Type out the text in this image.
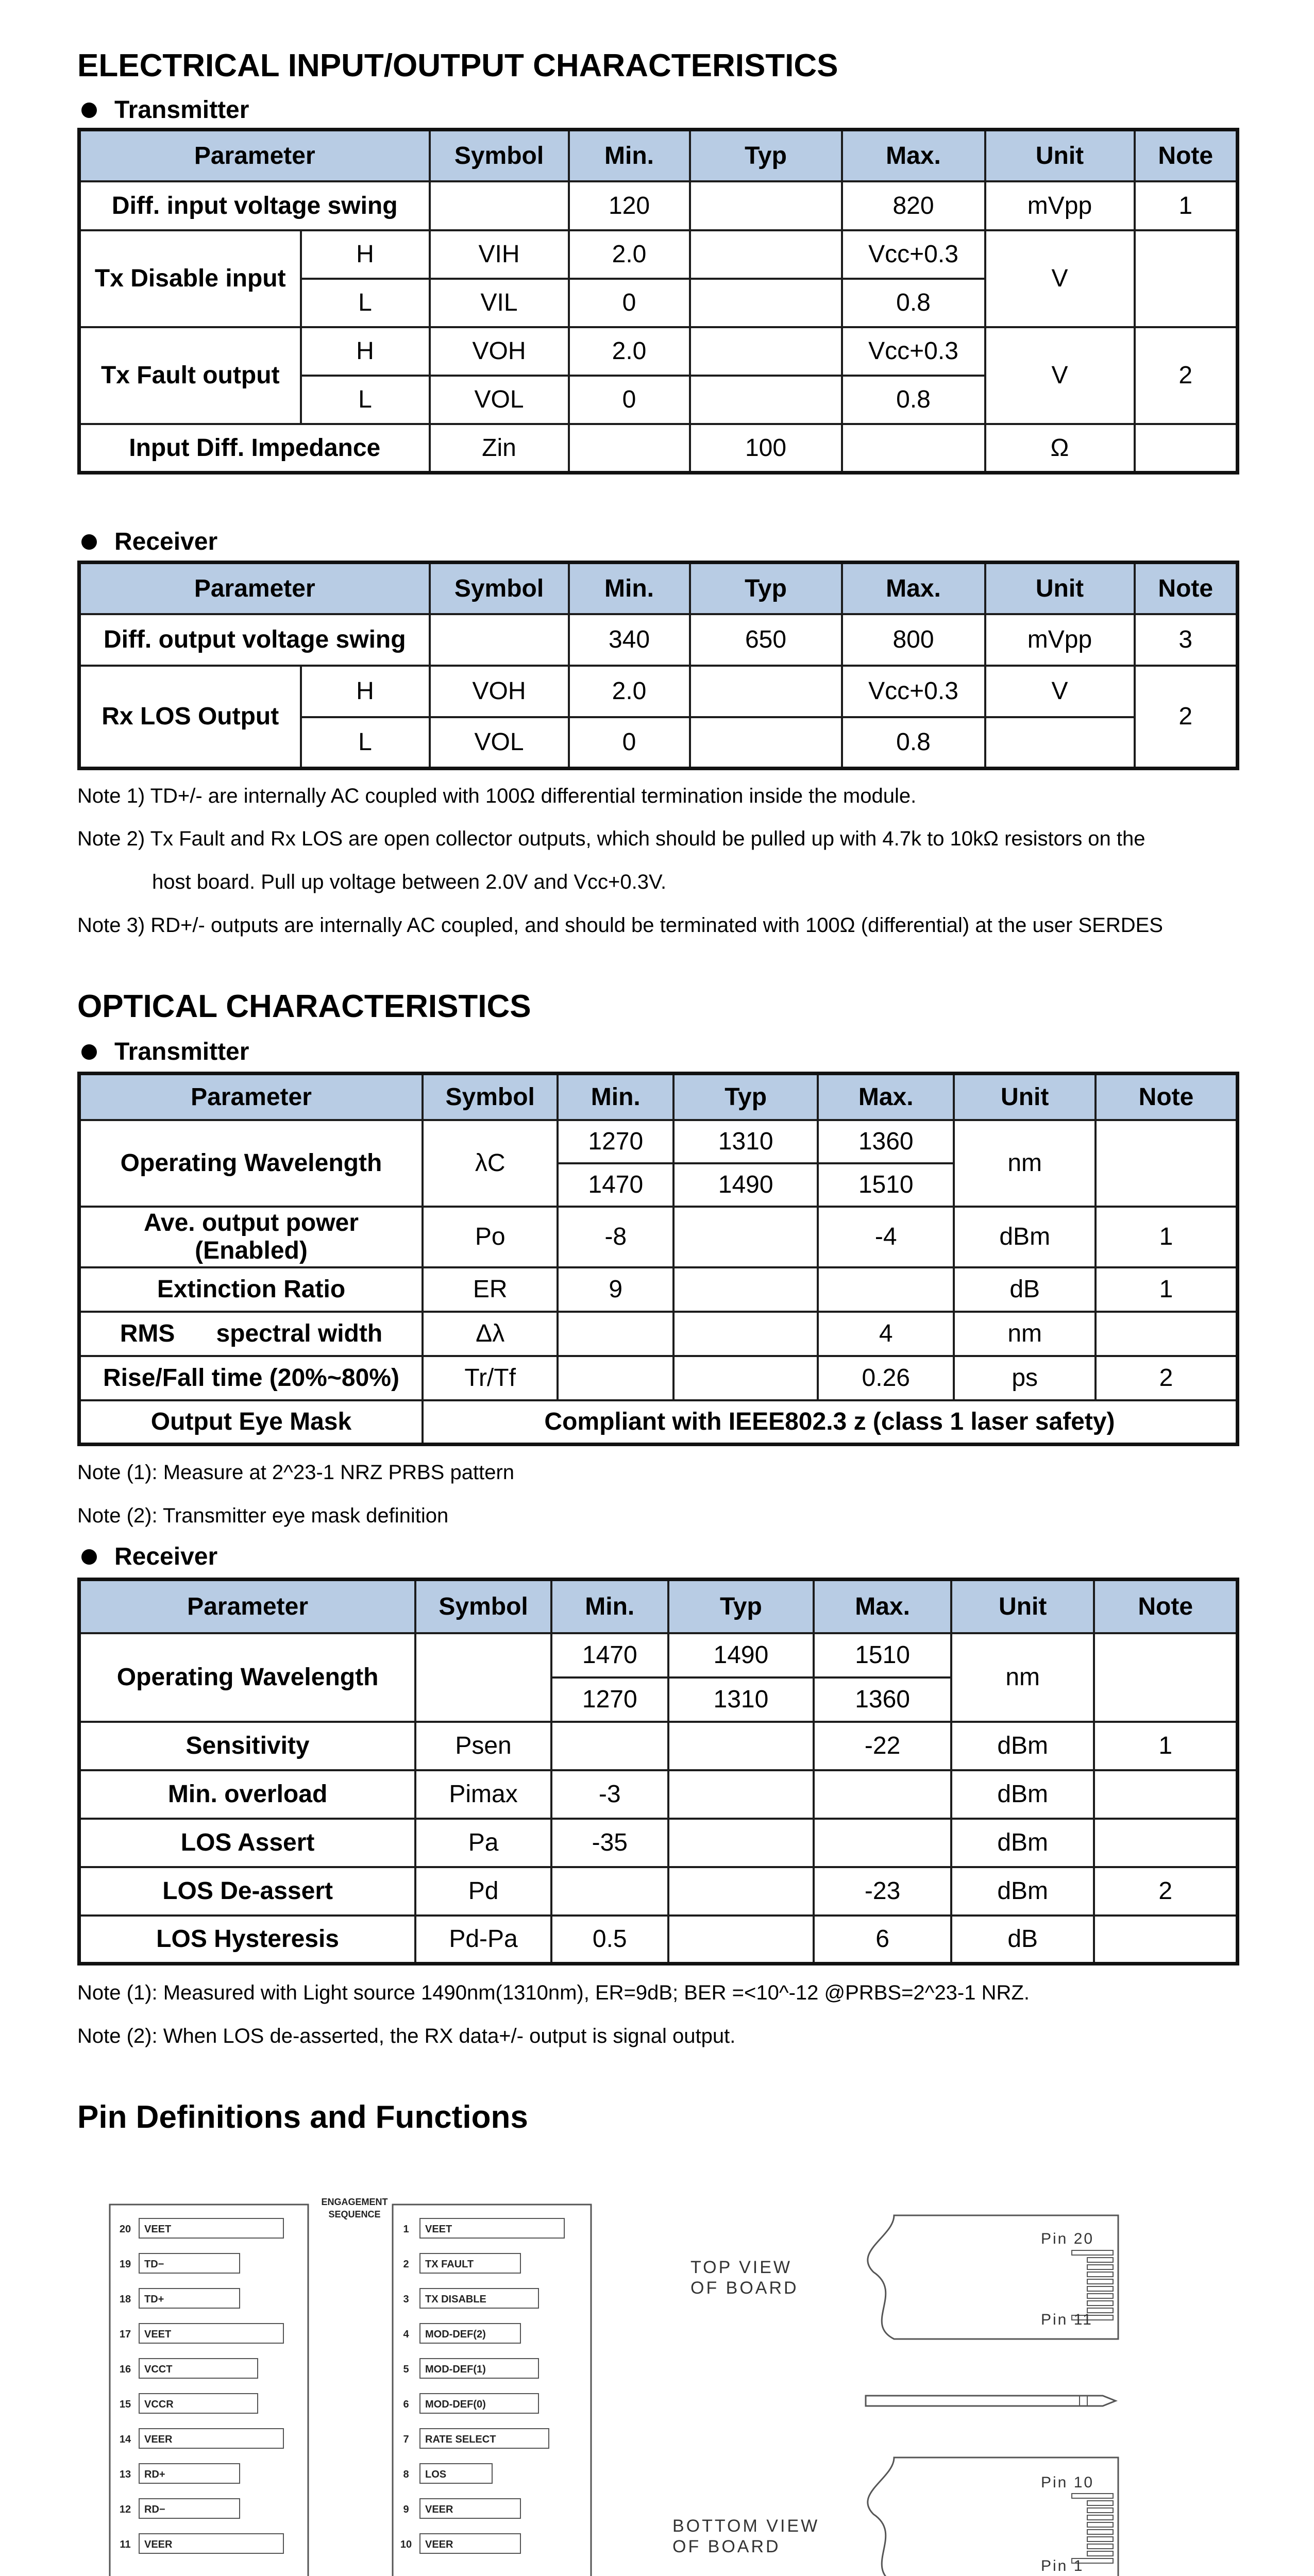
ELECTRICAL INPUT/OUTPUT CHARACTERISTICS
Transmitter
Parameter		Symbol	Min.	Typ	Max.	Unit	Note
Diff. input voltage swing			120		820	mVpp	1
Tx Disable input	H	VIH	2.0		Vcc+0.3	V	
	L	VIL	0		0.8		
Tx Fault output	H	VOH	2.0		Vcc+0.3	V	2
	L	VOL	0		0.8		
Input Diff. Impedance		Zin		100		Ω	
Receiver
Parameter		Symbol	Min.	Typ	Max.	Unit	Note
Diff. output voltage swing			340	650	800	mVpp	3
Rx LOS Output	H	VOH	2.0		Vcc+0.3	V	2
	L	VOL	0		0.8		
Note 1) TD+/- are internally AC coupled with 100Ω differential termination inside the module.
Note 2) Tx Fault and Rx LOS are open collector outputs, which should be pulled up with 4.7k to 10kΩ resistors on the
host board. Pull up voltage between 2.0V and Vcc+0.3V.
Note 3) RD+/- outputs are internally AC coupled, and should be terminated with 100Ω (differential) at the user SERDES
OPTICAL CHARACTERISTICS
Transmitter
Parameter	Symbol	Min.	Typ	Max.	Unit	Note
Operating Wavelength	λC	1270	1310	1360	nm	
		1470	1490	1510		
Ave. output power
(Enabled)	Po	-8		-4	dBm	1
Extinction Ratio	ER	9			dB	1
RMS      spectral width	Δλ			4	nm	
Rise/Fall time (20%~80%)	Tr/Tf			0.26	ps	2
Output Eye Mask	Compliant with IEEE802.3 z (class 1 laser safety)					
Note (1): Measure at 2^23-1 NRZ PRBS pattern
Note (2): Transmitter eye mask definition
Receiver
Parameter	Symbol	Min.	Typ	Max.	Unit	Note
Operating Wavelength		1470	1490	1510	nm	
		1270	1310	1360		
Sensitivity	Psen			-22	dBm	1
Min. overload	Pimax	-3			dBm	
LOS Assert	Pa	-35			dBm	
LOS De-assert	Pd			-23	dBm	2
LOS Hysteresis	Pd-Pa	0.5		6	dB	
Note (1): Measured with Light source 1490nm(1310nm), ER=9dB; BER =<10^-12 @PRBS=2^23-1 NRZ.
Note (2): When LOS de-asserted, the RX data+/- output is signal output.
Pin Definitions and Functions
20 VEET
19 TD−
18 TD+
17 VEET
16 VCCT
15 VCCR
14 VEER
13 RD+
12 RD−
11 VEER
ENGAGEMENT
SEQUENCE
1 VEET
2 TX FAULT
3 TX DISABLE
4 MOD-DEF(2)
5 MOD-DEF(1)
6 MOD-DEF(0)
7 RATE SELECT
8 LOS
9 VEER
10 VEER
TOP VIEW
OF BOARD
BOTTOM VIEW
OF BOARD
Pin 20
Pin 11
Pin 10
Pin 1
